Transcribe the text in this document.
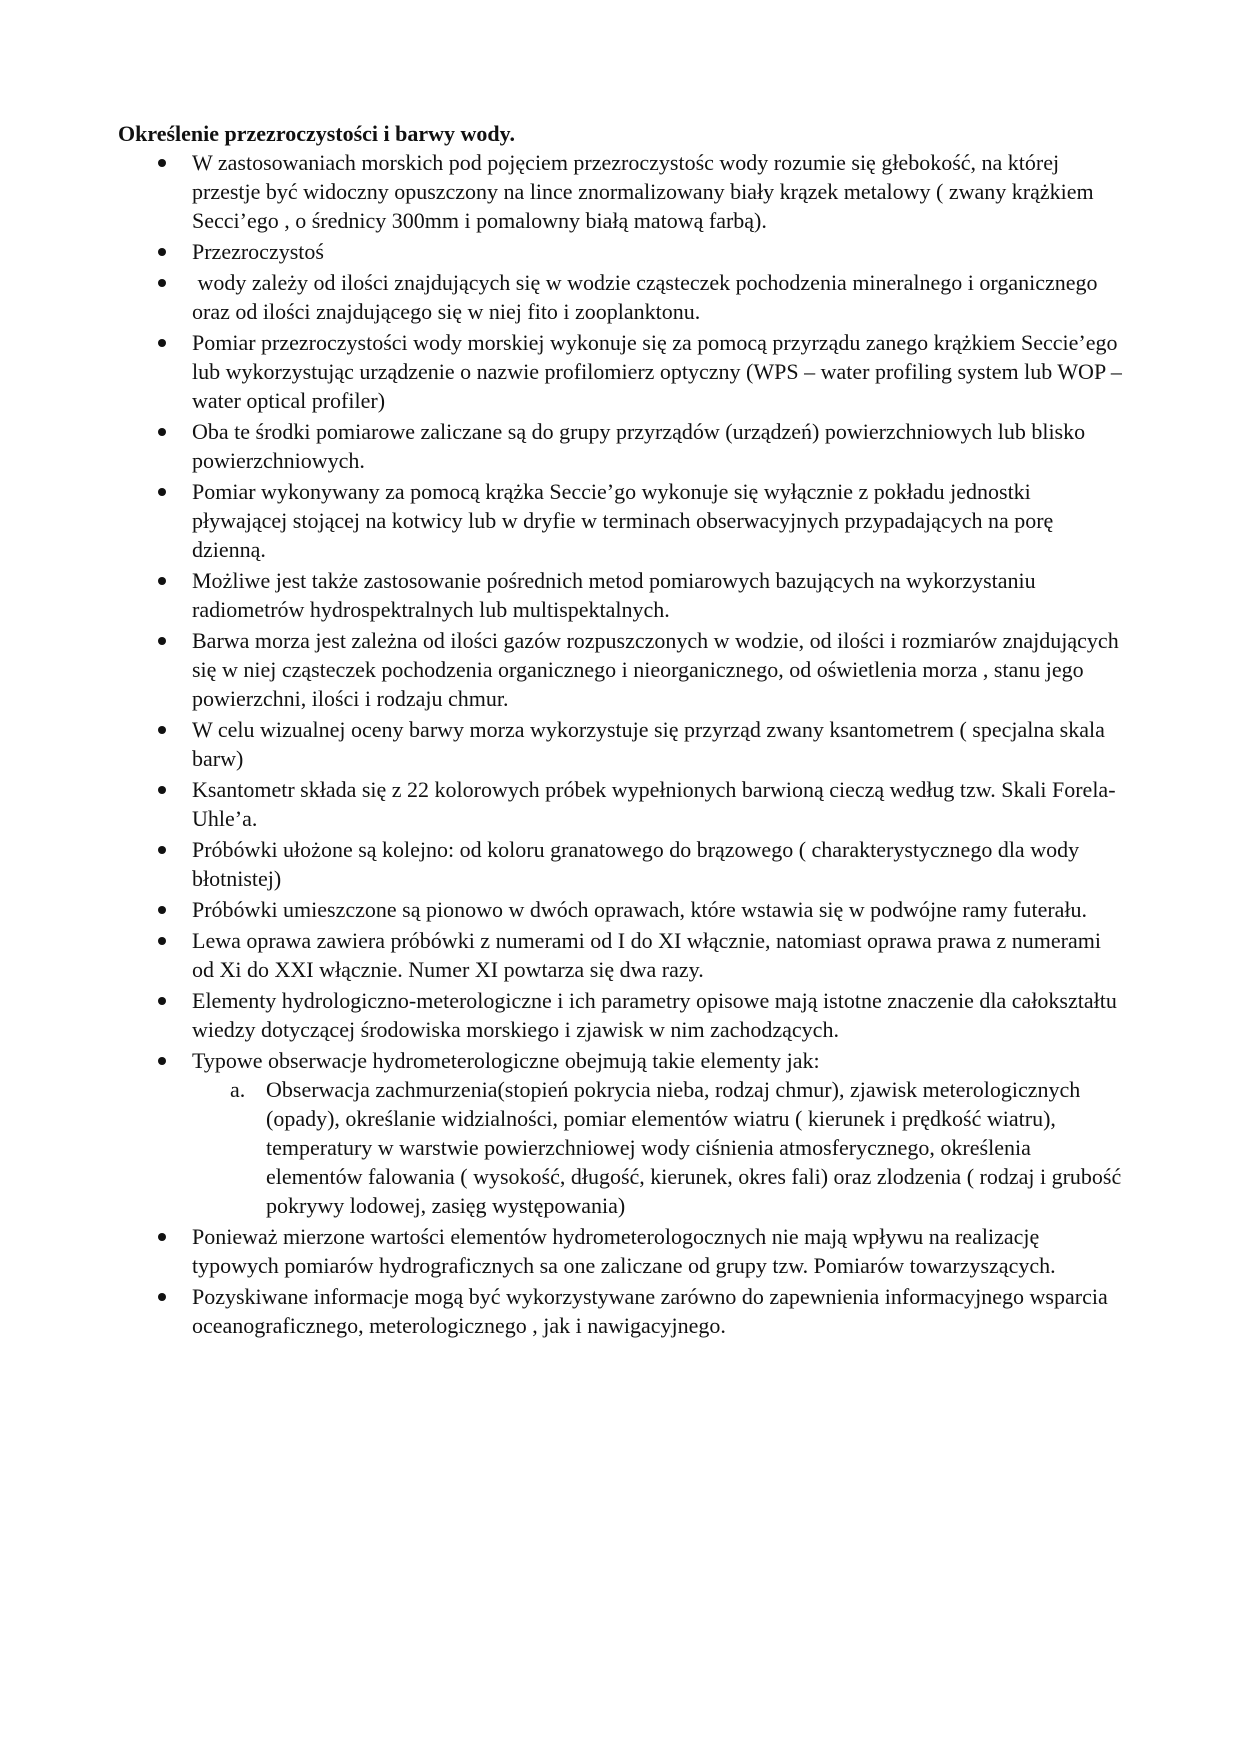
Określenie przezroczystości i barwy wody.
W zastosowaniach morskich pod pojęciem przezroczystośc wody rozumie się głebokość, na której przestje być widoczny opuszczony na lince znormalizowany biały krązek metalowy ( zwany krążkiem Secci’ego , o średnicy 300mm i pomalowny białą matową farbą).
Przezroczystoś
wody zależy od ilości znajdujących się w wodzie cząsteczek pochodzenia mineralnego i organicznego oraz od ilości znajdującego się w niej fito i zooplanktonu.
Pomiar przezroczystości wody morskiej wykonuje się za pomocą przyrządu zanego krążkiem Seccie’ego lub wykorzystując urządzenie o nazwie profilomierz optyczny (WPS – water profiling system lub WOP – water optical profiler)
Oba te środki pomiarowe zaliczane są do grupy przyrządów (urządzeń) powierzchniowych lub blisko powierzchniowych.
Pomiar wykonywany za pomocą krążka Seccie’go wykonuje się wyłącznie z pokładu jednostki pływającej stojącej na kotwicy lub w dryfie w terminach obserwacyjnych przypadających na porę dzienną.
Możliwe jest także zastosowanie pośrednich metod pomiarowych bazujących na wykorzystaniu radiometrów hydrospektralnych lub multispektalnych.
Barwa morza jest zależna od ilości gazów rozpuszczonych w wodzie, od ilości i rozmiarów znajdujących się w niej cząsteczek pochodzenia organicznego i nieorganicznego, od oświetlenia morza , stanu jego powierzchni, ilości i rodzaju chmur.
W celu wizualnej oceny barwy morza wykorzystuje się przyrząd zwany ksantometrem ( specjalna skala barw)
Ksantometr składa się z 22 kolorowych próbek wypełnionych barwioną cieczą według tzw. Skali Forela-Uhle’a.
Próbówki ułożone są kolejno: od koloru granatowego do brązowego ( charakterystycznego dla wody błotnistej)
Próbówki umieszczone są pionowo w dwóch oprawach, które wstawia się w podwójne ramy futerału.
Lewa oprawa zawiera próbówki z numerami od I do XI włącznie, natomiast oprawa prawa z numerami od Xi do XXI włącznie. Numer XI powtarza się dwa razy.
Elementy hydrologiczno-meterologiczne i ich parametry opisowe mają istotne znaczenie dla całokształtu wiedzy dotyczącej środowiska morskiego i zjawisk w nim zachodzących.
Typowe obserwacje hydrometerologiczne obejmują takie elementy jak:
a. Obserwacja zachmurzenia(stopień pokrycia nieba, rodzaj chmur), zjawisk meterologicznych (opady), określanie widzialności, pomiar elementów wiatru ( kierunek i prędkość wiatru), temperatury w warstwie powierzchniowej wody ciśnienia atmosferycznego, określenia elementów falowania ( wysokość, długość, kierunek, okres fali) oraz zlodzenia ( rodzaj i grubość pokrywy lodowej, zasięg występowania)
Ponieważ mierzone wartości elementów hydrometerologocznych nie mają wpływu na realizację typowych pomiarów hydrograficznych sa one zaliczane od grupy tzw. Pomiarów towarzyszących.
Pozyskiwane informacje mogą być wykorzystywane zarówno do zapewnienia informacyjnego wsparcia oceanograficznego, meterologicznego , jak i nawigacyjnego.
